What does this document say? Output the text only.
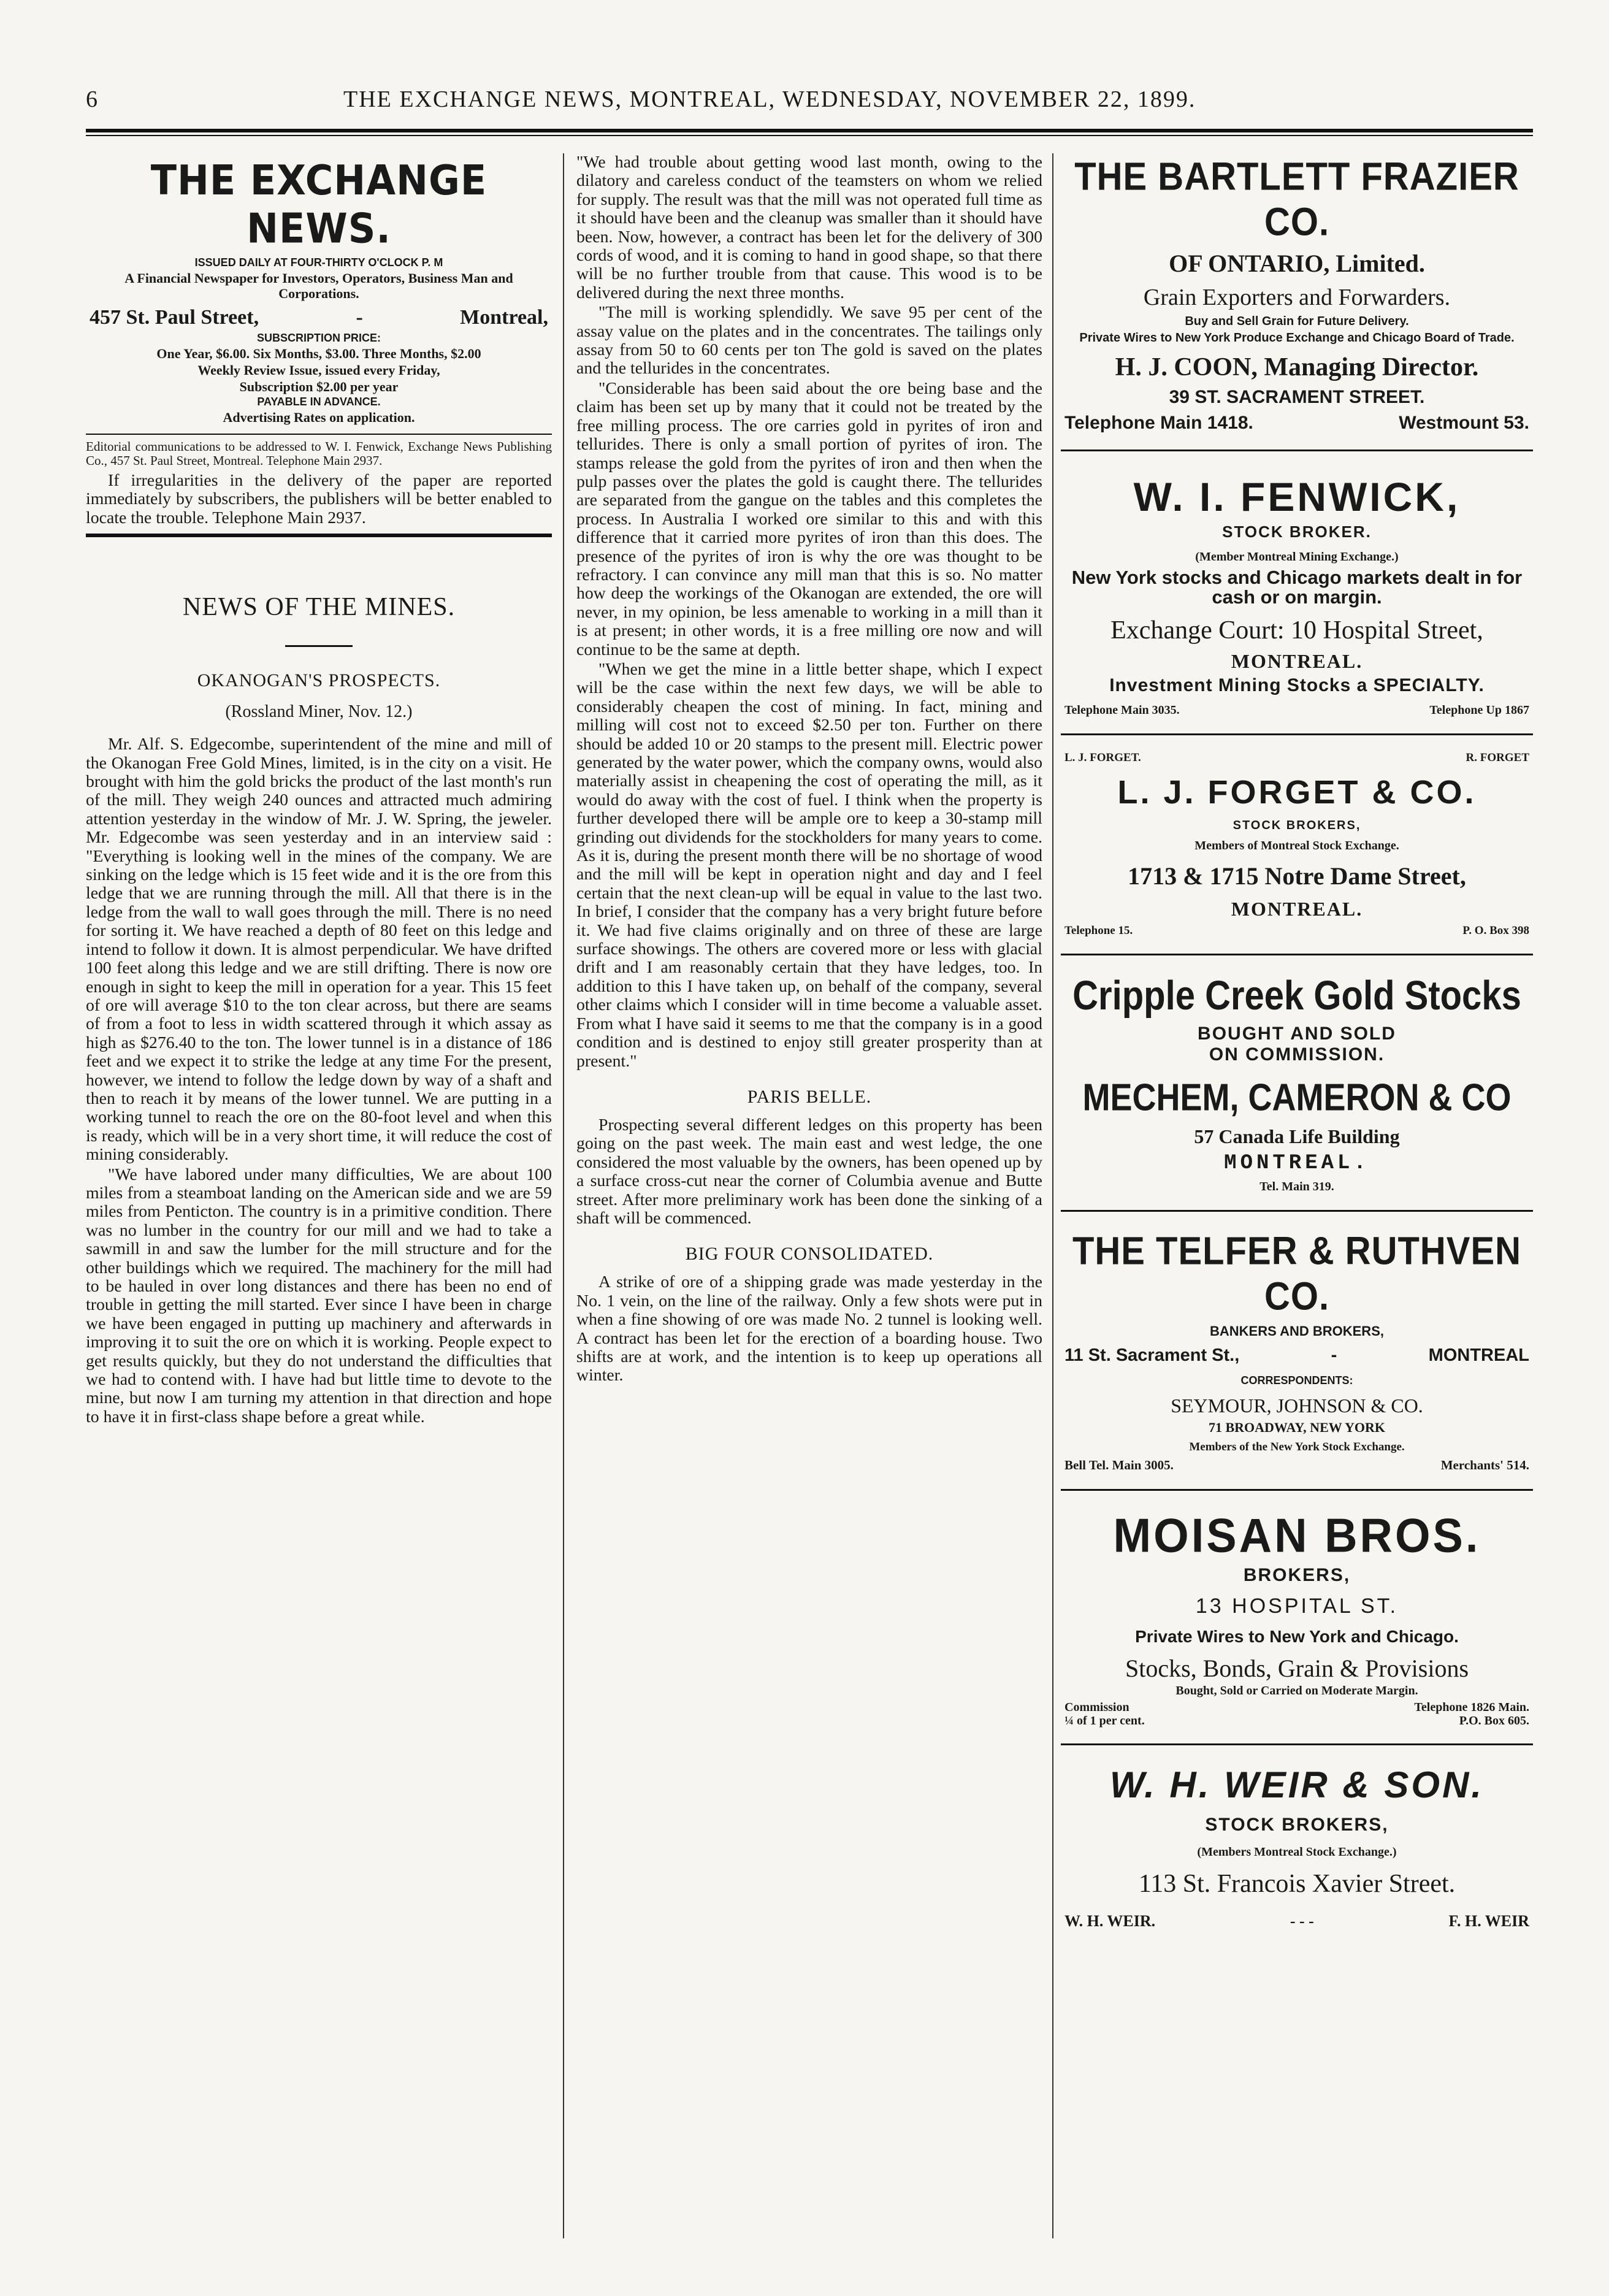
6	THE EXCHANGE NEWS, MONTREAL, WEDNESDAY, NOVEMBER 22, 1899.
THE EXCHANGE NEWS.

ISSUED DAILY AT FOUR-THIRTY O'CLOCK P. M

A Financial Newspaper for Investors, Operators, Business Man and Corporations.

457 St. Paul Street,	-	Montreal,

SUBSCRIPTION PRICE:

One Year, $6.00. Six Months, $3.00. Three Months, $2.00

Weekly Review Issue, issued every Friday,

Subscription $2.00 per year

PAYABLE IN ADVANCE.

Advertising Rates on application.

Editorial communications to be addressed to W. I. Fenwick, Exchange News Publishing Co., 457 St. Paul Street, Montreal. Telephone Main 2937.

If irregularities in the delivery of the paper are reported immediately by subscribers, the publishers will be better enabled to locate the trouble. Telephone Main 2937.

NEWS OF THE MINES.
OKANOGAN'S PROSPECTS.
(Rossland Miner, Nov. 12.)

Mr. Alf. S. Edgecombe, superintendent of the mine and mill of the Okanogan Free Gold Mines, limited, is in the city on a visit. He brought with him the gold bricks the product of the last month's run of the mill. They weigh 240 ounces and attracted much admiring attention yesterday in the window of Mr. J. W. Spring, the jeweler. Mr. Edgecombe was seen yesterday and in an interview said : "Everything is looking well in the mines of the company. We are sinking on the ledge which is 15 feet wide and it is the ore from this ledge that we are running through the mill. All that there is in the ledge from the wall to wall goes through the mill. There is no need for sorting it. We have reached a depth of 80 feet on this ledge and intend to follow it down. It is almost perpendicular. We have drifted 100 feet along this ledge and we are still drifting. There is now ore enough in sight to keep the mill in operation for a year. This 15 feet of ore will average $10 to the ton clear across, but there are seams of from a foot to less in width scattered through it which assay as high as $276.40 to the ton. The lower tunnel is in a distance of 186 feet and we expect it to strike the ledge at any time For the present, however, we intend to follow the ledge down by way of a shaft and then to reach it by means of the lower tunnel. We are putting in a working tunnel to reach the ore on the 80-foot level and when this is ready, which will be in a very short time, it will reduce the cost of mining considerably.

"We have labored under many difficulties, We are about 100 miles from a steamboat landing on the American side and we are 59 miles from Penticton. The country is in a primitive condition. There was no lumber in the country for our mill and we had to take a sawmill in and saw the lumber for the mill structure and for the other buildings which we required. The machinery for the mill had to be hauled in over long distances and there has been no end of trouble in getting the mill started. Ever since I have been in charge we have been engaged in putting up machinery and afterwards in improving it to suit the ore on which it is working. People expect to get results quickly, but they do not understand the difficulties that we had to contend with. I have had but little time to devote to the mine, but now I am turning my attention in that direction and hope to have it in first-class shape before a great while.

"We had trouble about getting wood last month, owing to the dilatory and careless conduct of the teamsters on whom we relied for supply. The result was that the mill was not operated full time as it should have been and the cleanup was smaller than it should have been. Now, however, a contract has been let for the delivery of 300 cords of wood, and it is coming to hand in good shape, so that there will be no further trouble from that cause. This wood is to be delivered during the next three months.

"The mill is working splendidly. We save 95 per cent of the assay value on the plates and in the concentrates. The tailings only assay from 50 to 60 cents per ton The gold is saved on the plates and the tellurides in the concentrates.

"Considerable has been said about the ore being base and the claim has been set up by many that it could not be treated by the free milling process. The ore carries gold in pyrites of iron and tellurides. There is only a small portion of pyrites of iron. The stamps release the gold from the pyrites of iron and then when the pulp passes over the plates the gold is caught there. The tellurides are separated from the gangue on the tables and this completes the process. In Australia I worked ore similar to this and with this difference that it carried more pyrites of iron than this does. The presence of the pyrites of iron is why the ore was thought to be refractory. I can convince any mill man that this is so. No matter how deep the workings of the Okanogan are extended, the ore will never, in my opinion, be less amenable to working in a mill than it is at present; in other words, it is a free milling ore now and will continue to be the same at depth.

"When we get the mine in a little better shape, which I expect will be the case within the next few days, we will be able to considerably cheapen the cost of mining. In fact, mining and milling will cost not to exceed $2.50 per ton. Further on there should be added 10 or 20 stamps to the present mill. Electric power generated by the water power, which the company owns, would also materially assist in cheapening the cost of operating the mill, as it would do away with the cost of fuel. I think when the property is further developed there will be ample ore to keep a 30-stamp mill grinding out dividends for the stockholders for many years to come. As it is, during the present month there will be no shortage of wood and the mill will be kept in operation night and day and I feel certain that the next clean-up will be equal in value to the last two. In brief, I consider that the company has a very bright future before it. We had five claims originally and on three of these are large surface showings. The others are covered more or less with glacial drift and I am reasonably certain that they have ledges, too. In addition to this I have taken up, on behalf of the company, several other claims which I consider will in time become a valuable asset. From what I have said it seems to me that the company is in a good condition and is destined to enjoy still greater prosperity than at present."

PARIS BELLE.

Prospecting several different ledges on this property has been going on the past week. The main east and west ledge, the one considered the most valuable by the owners, has been opened up by a surface cross-cut near the corner of Columbia avenue and Butte street. After more preliminary work has been done the sinking of a shaft will be commenced.

BIG FOUR CONSOLIDATED.

A strike of ore of a shipping grade was made yesterday in the No. 1 vein, on the line of the railway. Only a few shots were put in when a fine showing of ore was made No. 2 tunnel is looking well. A contract has been let for the erection of a boarding house. Two shifts are at work, and the intention is to keep up operations all winter.

THE BARTLETT FRAZIER CO.
OF ONTARIO, Limited.
Grain Exporters and Forwarders.
Buy and Sell Grain for Future Delivery.
Private Wires to New York Produce Exchange and Chicago Board of Trade.
H. J. COON, Managing Director.
39 ST. SACRAMENT STREET.
Telephone Main 1418.	Westmount 53.
W. I. FENWICK,
STOCK BROKER.
(Member Montreal Mining Exchange.)
New York stocks and Chicago markets dealt in for cash or on margin.
Exchange Court: 10 Hospital Street,
MONTREAL.
Investment Mining Stocks a SPECIALTY.
Telephone Main 3035.	Telephone Up 1867
L. J. FORGET.	R. FORGET
L. J. FORGET & CO.
STOCK BROKERS,
Members of Montreal Stock Exchange.
1713 & 1715 Notre Dame Street,
MONTREAL.
Telephone 15.	P. O. Box 398
Cripple Creek Gold Stocks
BOUGHT AND SOLD
ON COMMISSION.
MECHEM, CAMERON & CO
57 Canada Life Building
MONTREAL.
Tel. Main 319.
THE TELFER & RUTHVEN CO.
BANKERS AND BROKERS,
11 St. Sacrament St.,	-	MONTREAL
CORRESPONDENTS:
SEYMOUR, JOHNSON & CO.
71 BROADWAY, NEW YORK
Members of the New York Stock Exchange.
Bell Tel. Main 3005.	Merchants' 514.
MOISAN BROS.
BROKERS,
13 HOSPITAL ST.
Private Wires to New York and Chicago.
Stocks, Bonds, Grain & Provisions
Bought, Sold or Carried on Moderate Margin.
Commission
¼ of 1 per cent.
Telephone 1826 Main.
P.O. Box 605.
W. H. WEIR & SON.
STOCK BROKERS,
(Members Montreal Stock Exchange.)
113 St. Francois Xavier Street.
W. H. WEIR.	- - -	F. H. WEIR
